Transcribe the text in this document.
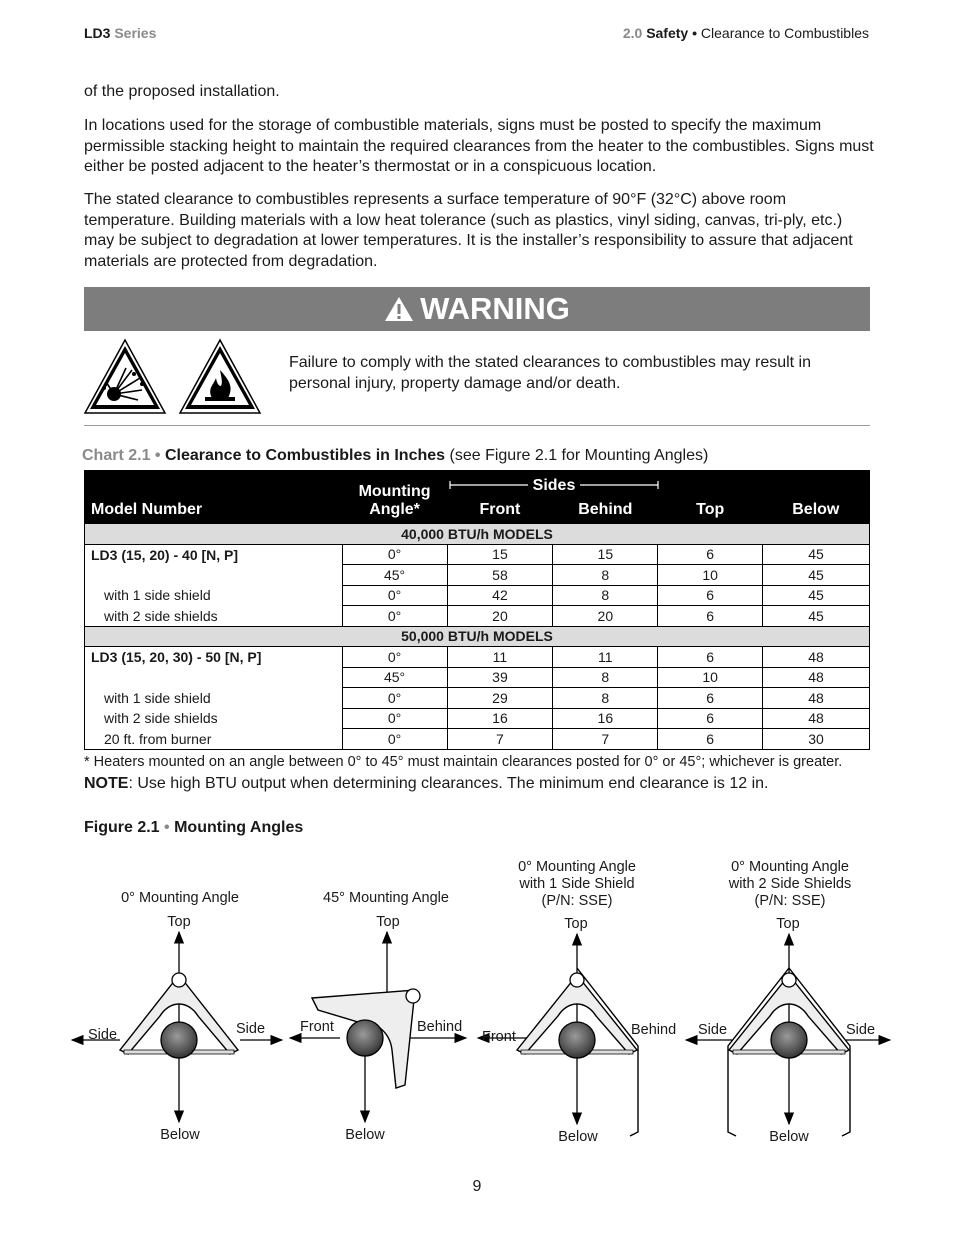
LD3 Series	2.0 Safety • Clearance to Combustibles

of the proposed installation.

In locations used for the storage of combustible materials, signs must be posted to specify the maximum permissible stacking height to maintain the required clearances from the heater to the combustibles. Signs must either be posted adjacent to the heater’s thermostat or in a conspicuous location.

The stated clearance to combustibles represents a surface temperature of 90°F (32°C) above room temperature. Building materials with a low heat tolerance (such as plastics, vinyl siding, canvas, tri-ply, etc.) may be subject to degradation at lower temperatures. It is the installer’s responsibility to assure that adjacent materials are protected from degradation.

WARNING

Failure to comply with the stated clearances to combustibles may result in personal injury, property damage and/or death.

Chart 2.1 • Clearance to Combustibles in Inches (see Figure 2.1 for Mounting Angles)
Model Number	Mounting
Angle*	Front	Behind	Top	Below
40,000 BTU/h MODELS					
LD3 (15, 20) - 40 [N, P]	0°	15	15	6	45
	45°	58	8	10	45
with 1 side shield	0°	42	8	6	45
with 2 side shields	0°	20	20	6	45
50,000 BTU/h MODELS					
LD3 (15, 20, 30) - 50 [N, P]	0°	11	11	6	48
	45°	39	8	10	48
with 1 side shield	0°	29	8	6	48
with 2 side shields	0°	16	16	6	48
20 ft. from burner	0°	7	7	6	30
Sides

* Heaters mounted on an angle between 0° to 45° must maintain clearances posted for 0° or 45°; whichever is greater. NOTE: Use high BTU output when determining clearances. The minimum end clearance is 12 in.

Figure 2.1 • Mounting Angles
0° Mounting Angle
Top
Side	Side
Below
45° Mounting Angle
Top
Front	Behind
Below
0° Mounting Angle
with 1 Side Shield
(P/N: SSE)
Top
Front	Behind
Below
0° Mounting Angle
with 2 Side Shields
(P/N: SSE)
Top
Side	Side
Below
9
